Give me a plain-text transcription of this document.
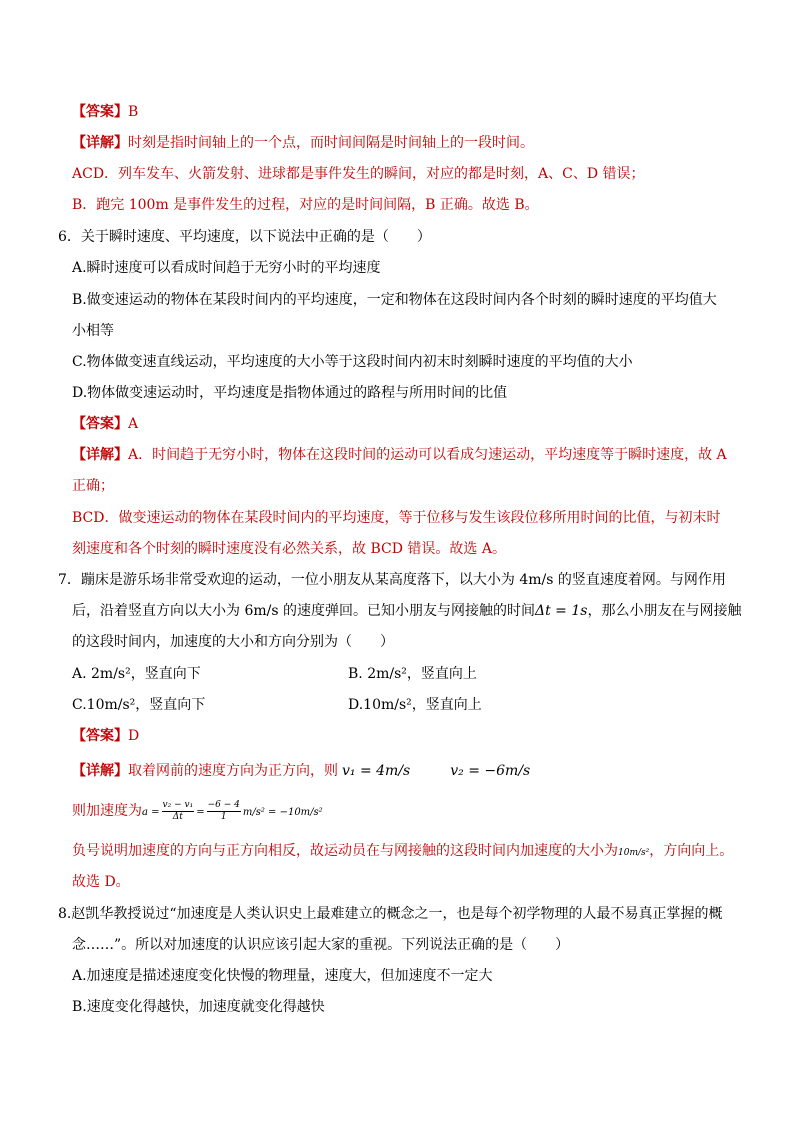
【答案】B
【详解】时刻是指时间轴上的一个点，而时间间隔是时间轴上的一段时间。
ACD．列车发车、火箭发射、进球都是事件发生的瞬间，对应的都是时刻，A、C、D 错误；
B．跑完 100m 是事件发生的过程，对应的是时间间隔，B 正确。故选 B。
6．关于瞬时速度、平均速度，以下说法中正确的是（　　）
A.瞬时速度可以看成时间趋于无穷小时的平均速度
B.做变速运动的物体在某段时间内的平均速度，一定和物体在这段时间内各个时刻的瞬时速度的平均值大
小相等
C.物体做变速直线运动，平均速度的大小等于这段时间内初末时刻瞬时速度的平均值的大小
D.物体做变速运动时，平均速度是指物体通过的路程与所用时间的比值
【答案】A
【详解】A．时间趋于无穷小时，物体在这段时间的运动可以看成匀速运动，平均速度等于瞬时速度，故 A
正确；
BCD．做变速运动的物体在某段时间内的平均速度，等于位移与发生该段位移所用时间的比值，与初末时
刻速度和各个时刻的瞬时速度没有必然关系，故 BCD 错误。故选 A。
7．蹦床是游乐场非常受欢迎的运动，一位小朋友从某高度落下，以大小为 4m/s 的竖直速度着网。与网作用
后，沿着竖直方向以大小为 6m/s 的速度弹回。已知小朋友与网接触的时间Δt = 1s，那么小朋友在与网接触
的这段时间内，加速度的大小和方向分别为（　　）
A. 2m/s²，竖直向下	B. 2m/s²，竖直向上
C.10m/s²，竖直向下	D.10m/s²，竖直向上
【答案】D
【详解】取着网前的速度方向为正方向，则 v₁ = 4m/s	v₂ = −6m/s
则加速度为$a = \frac{\text{v₂ − v₁}}{\Delta t} = \frac{-6 - 4}{1} m/s^2 = -10m/s^2$
负号说明加速度的方向与正方向相反，故运动员在与网接触的这段时间内加速度的大小为10m/s²，方向向上。
故选 D。
8.赵凯华教授说过“加速度是人类认识史上最难建立的概念之一，也是每个初学物理的人最不易真正掌握的概
念……”。所以对加速度的认识应该引起大家的重视。下列说法正确的是（　　）
A.加速度是描述速度变化快慢的物理量，速度大，但加速度不一定大
B.速度变化得越快，加速度就变化得越快
